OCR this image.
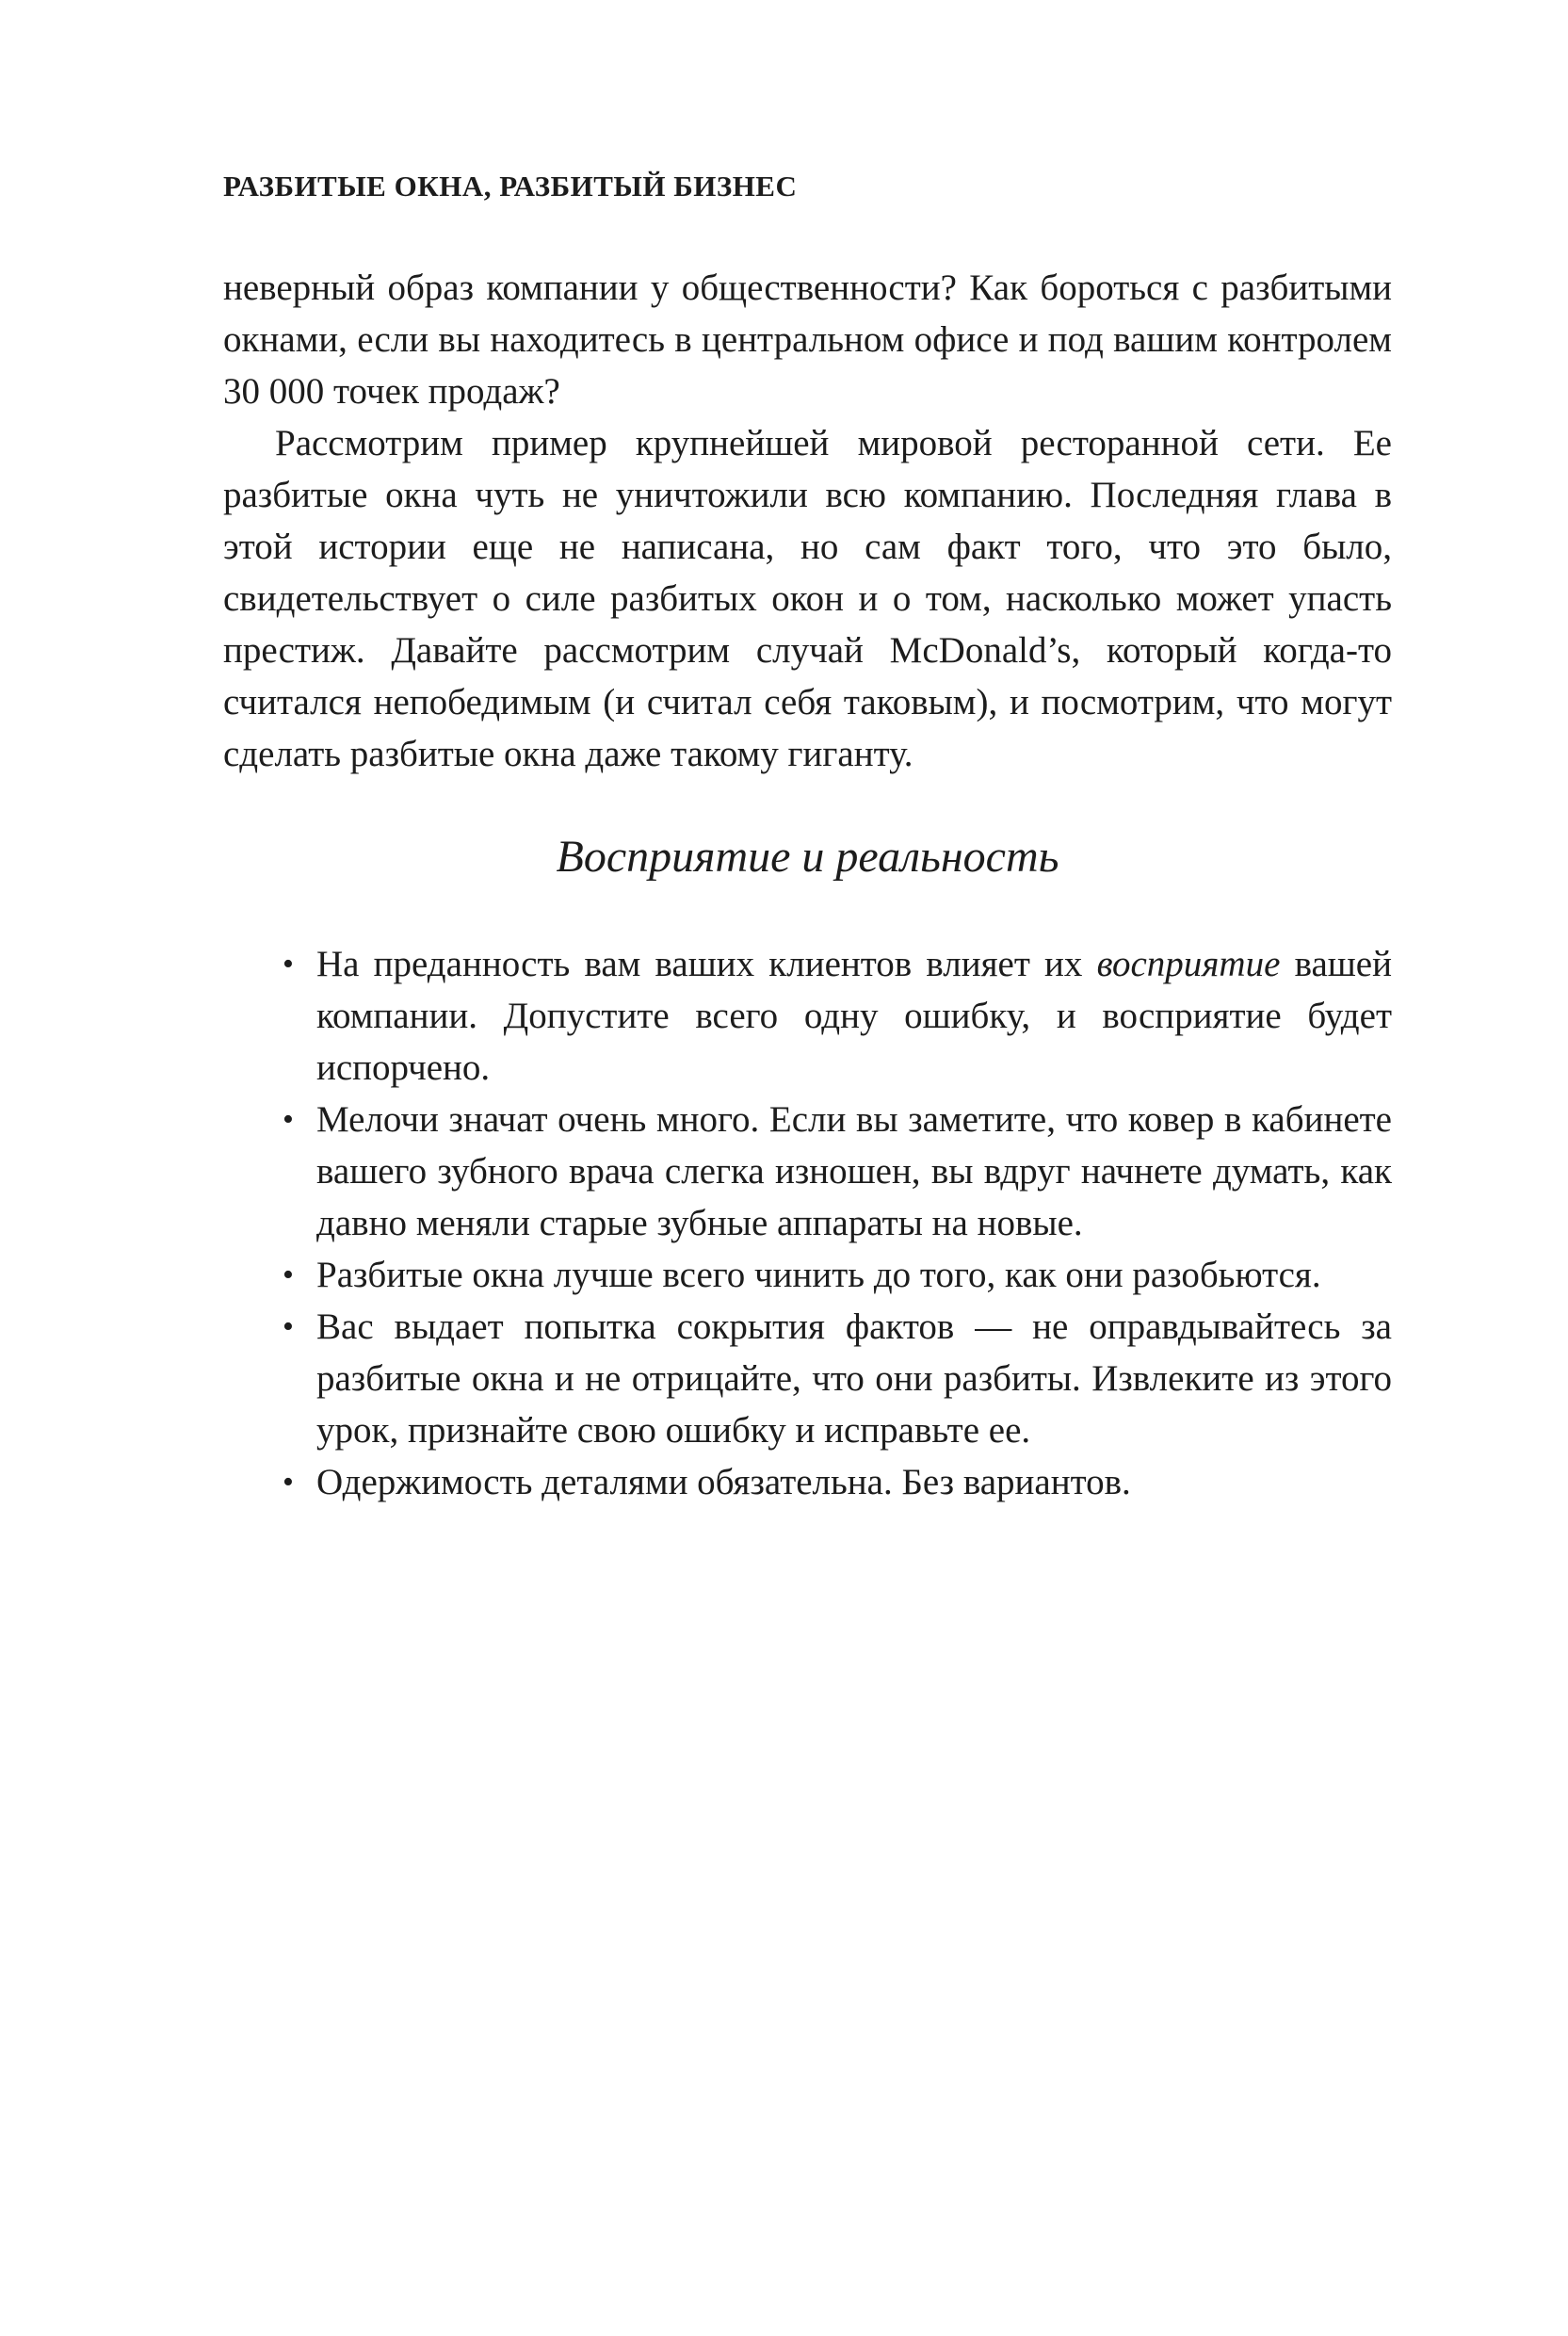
РАЗБИТЫЕ ОКНА, РАЗБИТЫЙ БИЗНЕС

неверный образ компании у общественности? Как бороться с разбитыми окнами, если вы находитесь в центральном офисе и под вашим контролем 30 000 точек продаж?

Рассмотрим пример крупнейшей мировой ресторанной сети. Ее разбитые окна чуть не уничтожили всю компанию. Последняя глава в этой истории еще не написана, но сам факт того, что это было, свидетельствует о силе разбитых окон и о том, насколько может упасть престиж. Давайте рассмотрим случай McDonald’s, который когда-то считался непобедимым (и считал себя таковым), и посмотрим, что могут сделать разбитые окна даже такому гиганту.

Восприятие и реальность
• На преданность вам ваших клиентов влияет их восприятие вашей компании. Допустите всего одну ошибку, и восприятие будет испорчено.
• Мелочи значат очень много. Если вы заметите, что ковер в кабинете вашего зубного врача слегка изношен, вы вдруг начнете думать, как давно меняли старые зубные аппараты на новые.
• Разбитые окна лучше всего чинить до того, как они разобьются.
• Вас выдает попытка сокрытия фактов — не оправдывайтесь за разбитые окна и не отрицайте, что они разбиты. Извлеките из этого урок, признайте свою ошибку и исправьте ее.
• Одержимость деталями обязательна. Без вариантов.
